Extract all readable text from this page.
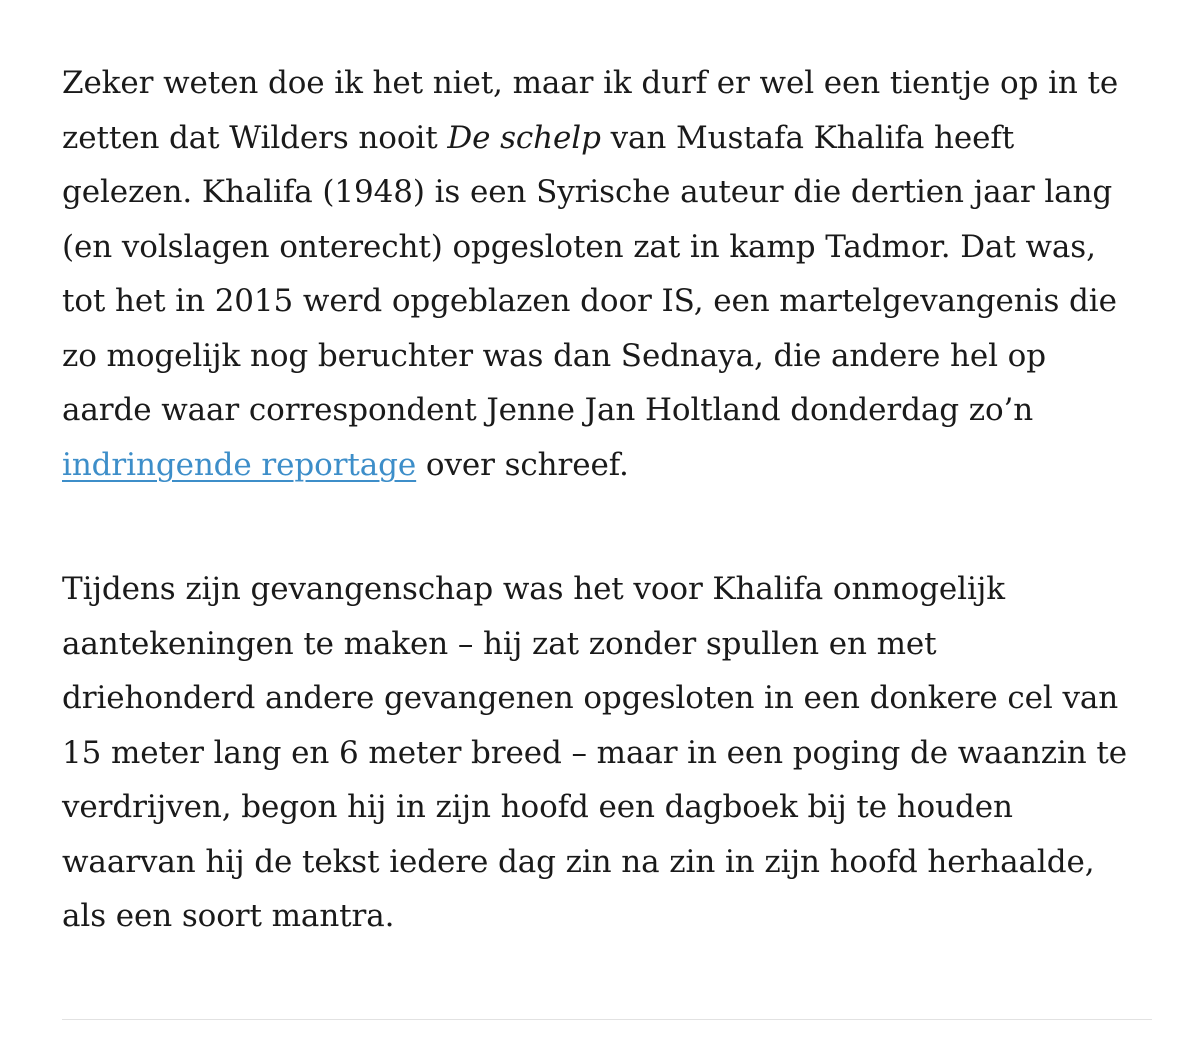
Zeker weten doe ik het niet, maar ik durf er wel een tientje op in te
zetten dat Wilders nooit De schelp van Mustafa Khalifa heeft
gelezen. Khalifa (1948) is een Syrische auteur die dertien jaar lang
(en volslagen onterecht) opgesloten zat in kamp Tadmor. Dat was,
tot het in 2015 werd opgeblazen door IS, een martelgevangenis die
zo mogelijk nog beruchter was dan Sednaya, die andere hel op
aarde waar correspondent Jenne Jan Holtland donderdag zo’n
indringende reportage over schreef.

Tijdens zijn gevangenschap was het voor Khalifa onmogelijk
aantekeningen te maken – hij zat zonder spullen en met
driehonderd andere gevangenen opgesloten in een donkere cel van
15 meter lang en 6 meter breed – maar in een poging de waanzin te
verdrijven, begon hij in zijn hoofd een dagboek bij te houden
waarvan hij de tekst iedere dag zin na zin in zijn hoofd herhaalde,
als een soort mantra.
